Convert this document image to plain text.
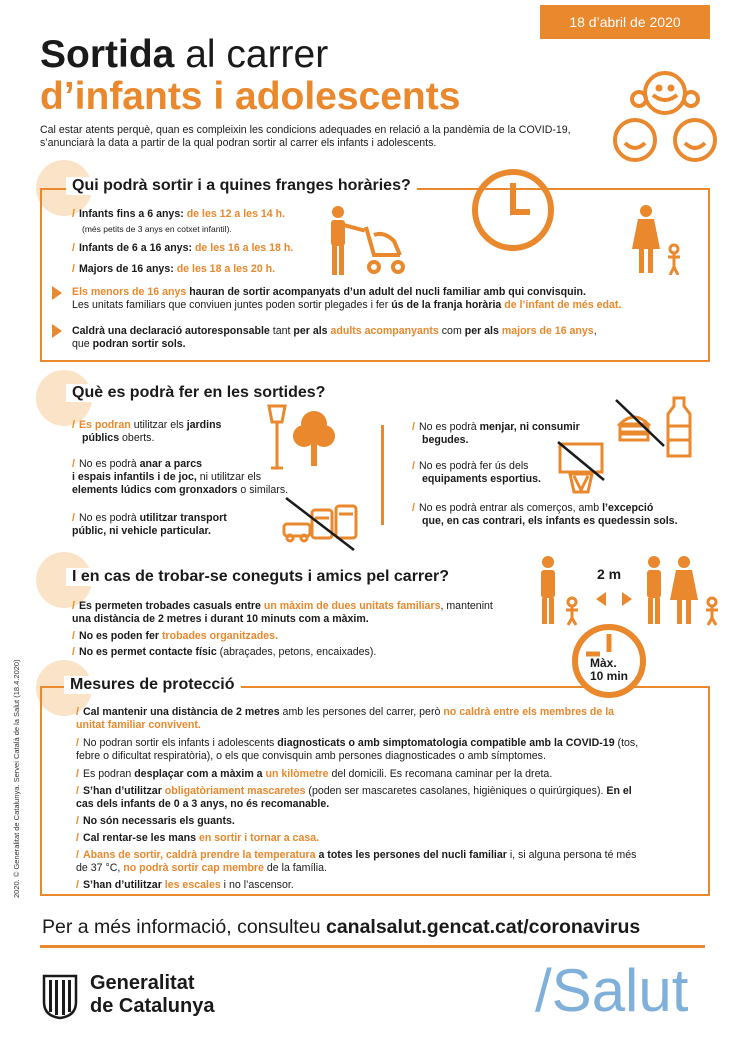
18 d’abril de 2020
Sortida al carrer
d’infants i adolescents
Cal estar atents perquè, quan es compleixin les condicions adequades en relació a la pandèmia de la COVID-19, s’anunciarà la data a partir de la qual podran sortir al carrer els infants i adolescents.
Qui podrà sortir i a quines franges horàries?
/ Infants fins a 6 anys: de les 12 a les 14 h.
(més petits de 3 anys en cotxet infantil).
/ Infants de 6 a 16 anys: de les 16 a les 18 h.
/ Majors de 16 anys: de les 18 a les 20 h.
Els menors de 16 anys hauran de sortir acompanyats d’un adult del nucli familiar amb qui convisquin.
Les unitats familiars que conviuen juntes poden sortir plegades i fer ús de la franja horària de l’infant de més edat.
Caldrà una declaració autoresponsable tant per als adults acompanyants com per als majors de 16 anys,
que podran sortir sols.
Què es podrà fer en les sortides?
/ Es podran utilitzar els jardins
públics oberts.
/ No es podrà anar a parcs
i espais infantils i de joc, ni utilitzar els
elements lúdics com gronxadors o similars.
/ No es podrà utilitzar transport
públic, ni vehicle particular.
/ No es podrà menjar, ni consumir
begudes.
/ No es podrà fer ús dels
equipaments esportius.
/ No es podrà entrar als comerços, amb l’excepció
que, en cas contrari, els infants es quedessin sols.
I en cas de trobar-se coneguts i amics pel carrer?
/ Es permeten trobades casuals entre un màxim de dues unitats familiars, mantenint
una distància de 2 metres i durant 10 minuts com a màxim.
/ No es poden fer trobades organitzades.
/ No es permet contacte físic (abraçades, petons, encaixades).
2 m
Mesures de protecció
Màx.
10 min
/ Cal mantenir una distància de 2 metres amb les persones del carrer, però no caldrà entre els membres de la
unitat familiar convivent.
/ No podran sortir els infants i adolescents diagnosticats o amb simptomatologia compatible amb la COVID-19 (tos,
febre o dificultat respiratòria), o els que convisquin amb persones diagnosticades o amb símptomes.
/ Es podran desplaçar com a màxim a un kilòmetre del domicili. Es recomana caminar per la dreta.
/ S’han d’utilitzar obligatòriament mascaretes (poden ser mascaretes casolanes, higièniques o quirúrgiques). En el
cas dels infants de 0 a 3 anys, no és recomanable.
/ No són necessaris els guants.
/ Cal rentar-se les mans en sortir i tornar a casa.
/ Abans de sortir, caldrà prendre la temperatura a totes les persones del nucli familiar i, si alguna persona té més
de 37 °C, no podrà sortir cap membre de la família.
/ S’han d’utilitzar les escales i no l’ascensor.
Per a més informació, consulteu canalsalut.gencat.cat/coronavirus
Generalitat
de Catalunya	/Salut
2020. © Generalitat de Catalunya. Servei Català de la Salut (18.4.2020)
